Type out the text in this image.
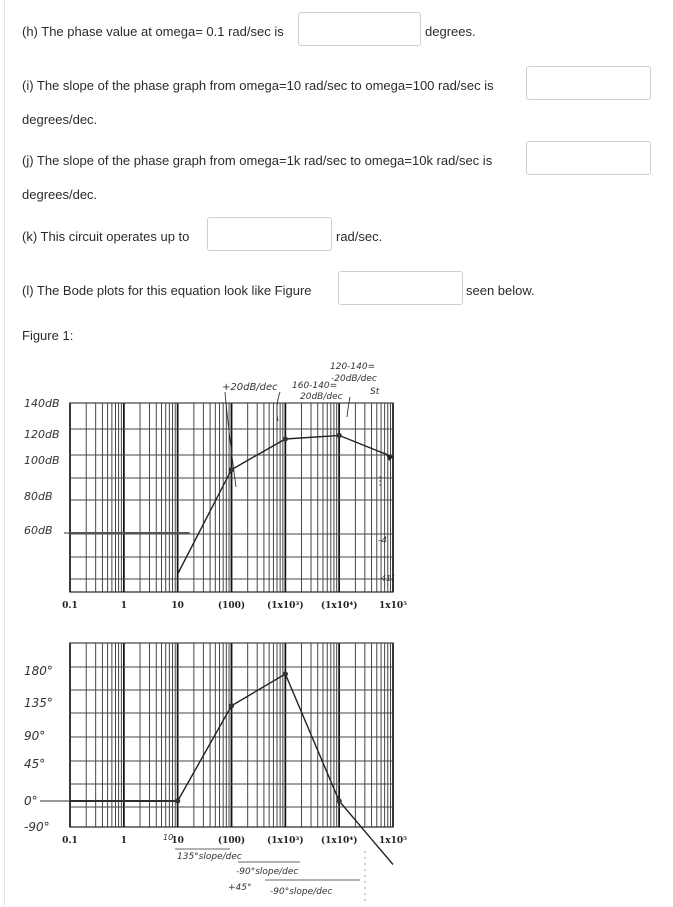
(h) The phase value at omega= 0.1 rad/sec is	degrees.
(i) The slope of the phase graph from omega=10 rad/sec to omega=100 rad/sec is
degrees/dec.
(j) The slope of the phase graph from omega=1k rad/sec to omega=10k rad/sec is
degrees/dec.
(k) This circuit operates up to	rad/sec.
(l) The Bode plots for this equation look like Figure	seen below.
Figure 1:
140dB
120dB
100dB
80dB
60dB
180°
135°
90°
45°
0°
-90°
0.1	1	10	(100) (1x10³) (1x10⁴) 1x10⁵
0.1	1	10	(100) (1x10³) (1x10⁴) 1x10⁵
+20dB/dec 160-140=
20dB/dec
120-140=
-20dB/dec
St
-4
-41(
10
135°slope/dec
-90°slope/dec
+45° -90°slope/dec
